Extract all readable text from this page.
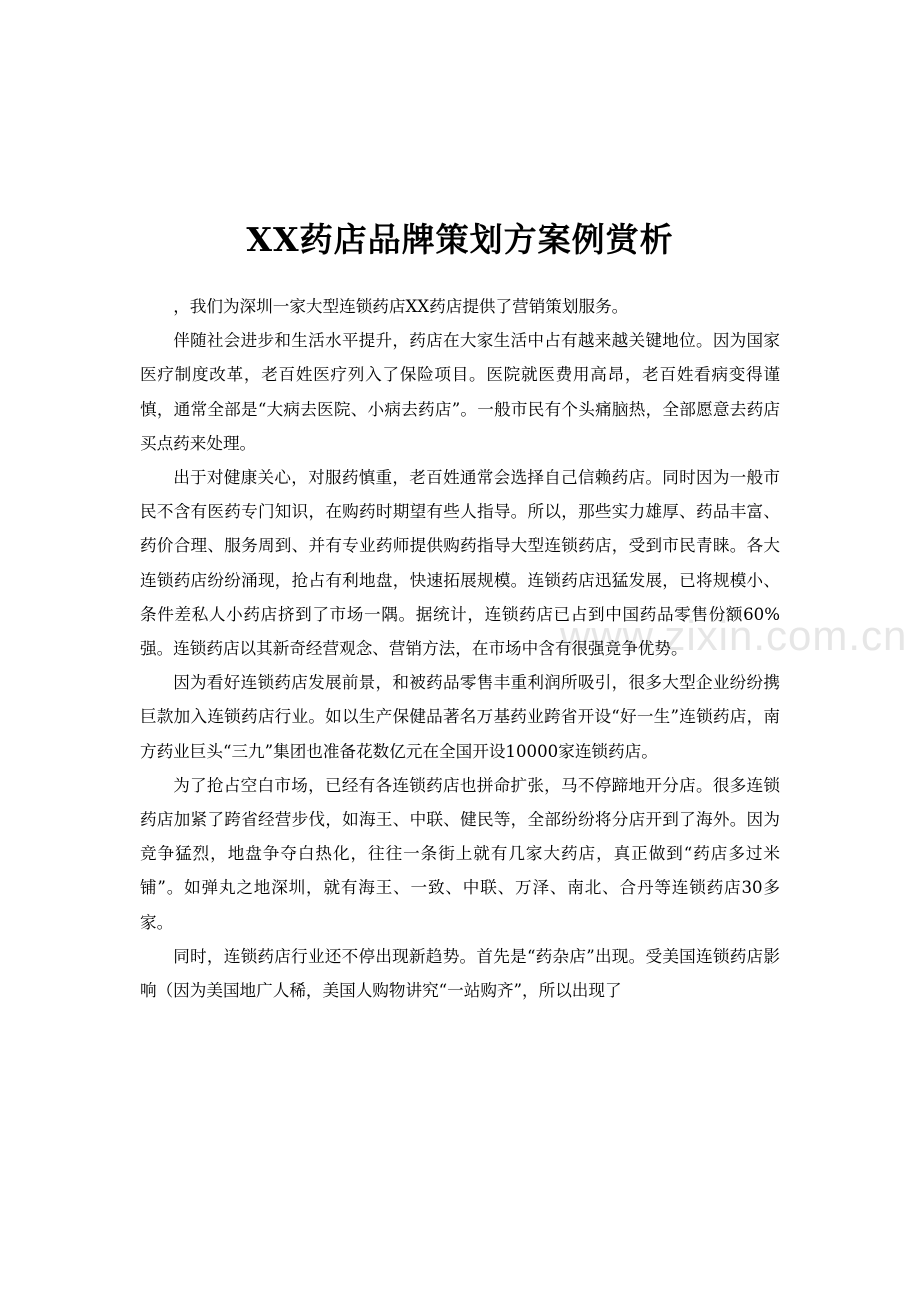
www.zixin.com.cn
XX药店品牌策划方案例赏析

，我们为深圳一家大型连锁药店XX药店提供了营销策划服务。

伴随社会进步和生活水平提升，药店在大家生活中占有越来越关键地位。因为国家医疗制度改革，老百姓医疗列入了保险项目。医院就医费用高昂，老百姓看病变得谨慎，通常全部是“大病去医院、小病去药店”。一般市民有个头痛脑热，全部愿意去药店买点药来处理。

出于对健康关心，对服药慎重，老百姓通常会选择自己信赖药店。同时因为一般市民不含有医药专门知识，在购药时期望有些人指导。所以，那些实力雄厚、药品丰富、药价合理、服务周到、并有专业药师提供购药指导大型连锁药店，受到市民青睐。各大连锁药店纷纷涌现，抢占有利地盘，快速拓展规模。连锁药店迅猛发展，已将规模小、条件差私人小药店挤到了市场一隅。据统计，连锁药店已占到中国药品零售份额60%强。连锁药店以其新奇经营观念、营销方法，在市场中含有很强竞争优势。

因为看好连锁药店发展前景，和被药品零售丰重利润所吸引，很多大型企业纷纷携巨款加入连锁药店行业。如以生产保健品著名万基药业跨省开设“好一生”连锁药店，南方药业巨头“三九”集团也准备花数亿元在全国开设10000家连锁药店。

为了抢占空白市场，已经有各连锁药店也拼命扩张，马不停蹄地开分店。很多连锁药店加紧了跨省经营步伐，如海王、中联、健民等，全部纷纷将分店开到了海外。因为竞争猛烈，地盘争夺白热化，往往一条街上就有几家大药店，真正做到“药店多过米铺”。如弹丸之地深圳，就有海王、一致、中联、万泽、南北、合丹等连锁药店30多家。

同时，连锁药店行业还不停出现新趋势。首先是“药杂店”出现。受美国连锁药店影响（因为美国地广人稀，美国人购物讲究“一站购齐”，所以出现了
